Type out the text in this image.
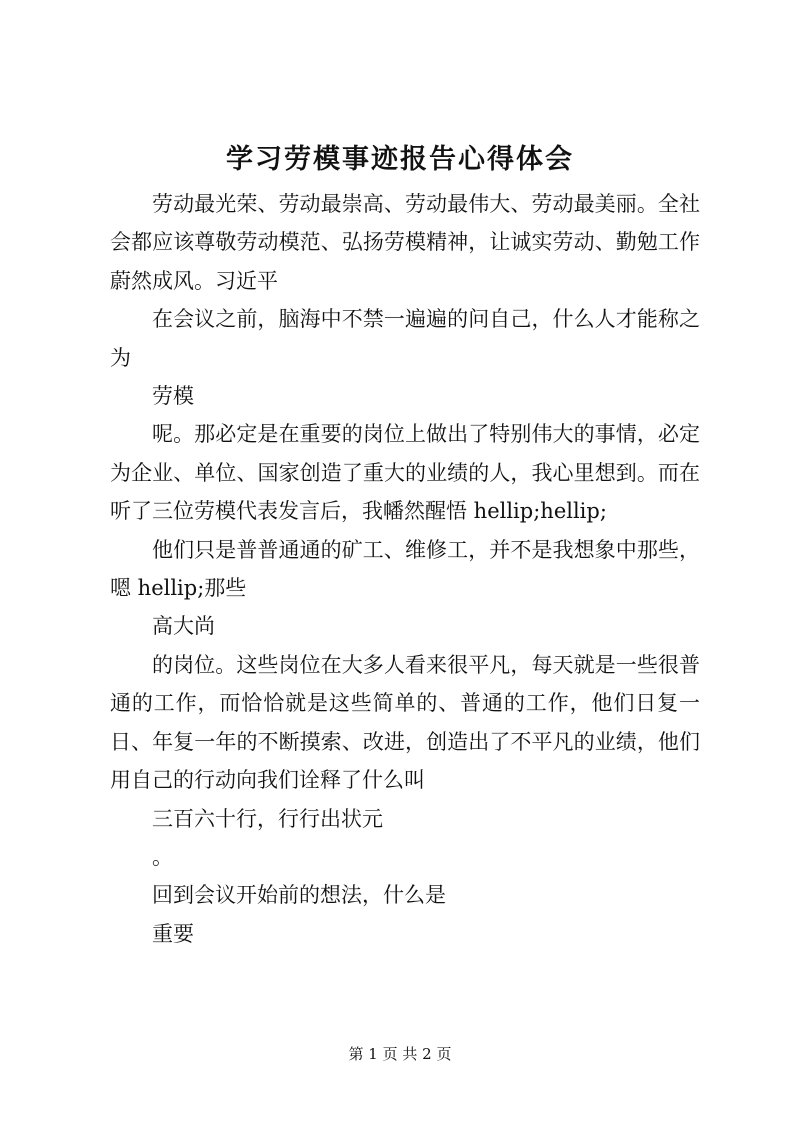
学习劳模事迹报告心得体会

劳动最光荣、劳动最崇高、劳动最伟大、劳动最美丽。全社会都应该尊敬劳动模范、弘扬劳模精神，让诚实劳动、勤勉工作蔚然成风。习近平

在会议之前，脑海中不禁一遍遍的问自己，什么人才能称之为

劳模

呢。那必定是在重要的岗位上做出了特别伟大的事情，必定为企业、单位、国家创造了重大的业绩的人，我心里想到。而在听了三位劳模代表发言后，我幡然醒悟 hellip;hellip;

他们只是普普通通的矿工、维修工，并不是我想象中那些，嗯 hellip;那些

高大尚

的岗位。这些岗位在大多人看来很平凡，每天就是一些很普通的工作，而恰恰就是这些简单的、普通的工作，他们日复一日、年复一年的不断摸索、改进，创造出了不平凡的业绩，他们用自己的行动向我们诠释了什么叫

三百六十行，行行出状元

。

回到会议开始前的想法，什么是

重要

第 1 页 共 2 页
